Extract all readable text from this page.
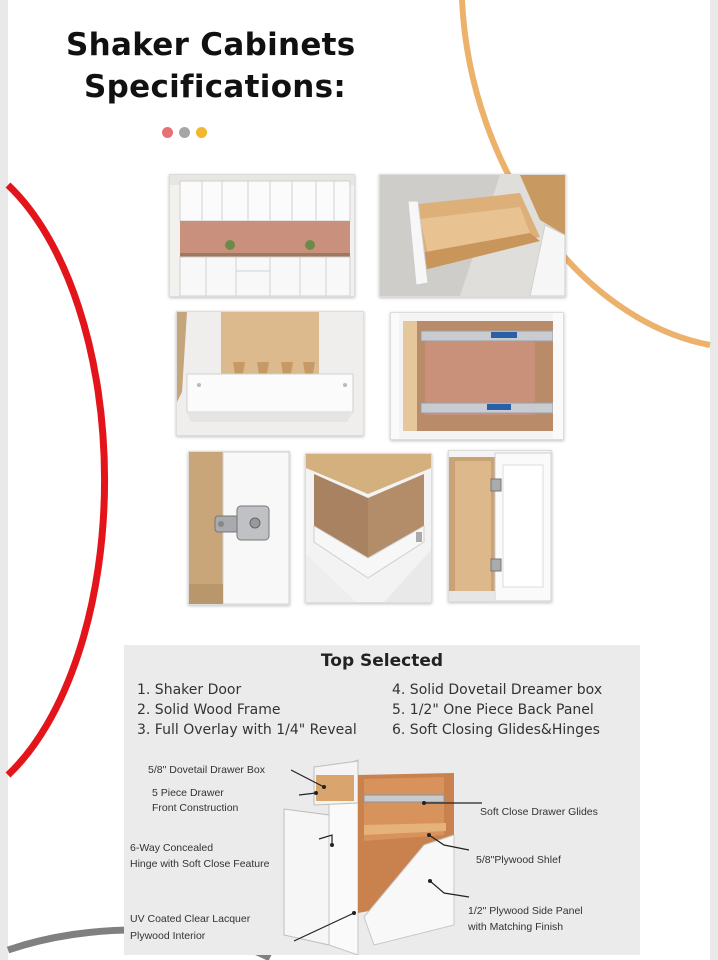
Shaker Cabinets
Specifications:
Top Selected
1. Shaker Door
2. Solid Wood Frame
3. Full Overlay with 1/4" Reveal
4. Solid Dovetail Dreamer box
5. 1/2" One Piece Back Panel
6. Soft Closing Glides&Hinges
5/8" Dovetail Drawer Box
5 Piece Drawer
Front Construction
6-Way Concealed
Hinge with Soft Close Feature
UV Coated Clear Lacquer
Plywood Interior
Soft Close Drawer Glides
5/8"Plywood Shlef
1/2" Plywood Side Panel
with Matching Finish
